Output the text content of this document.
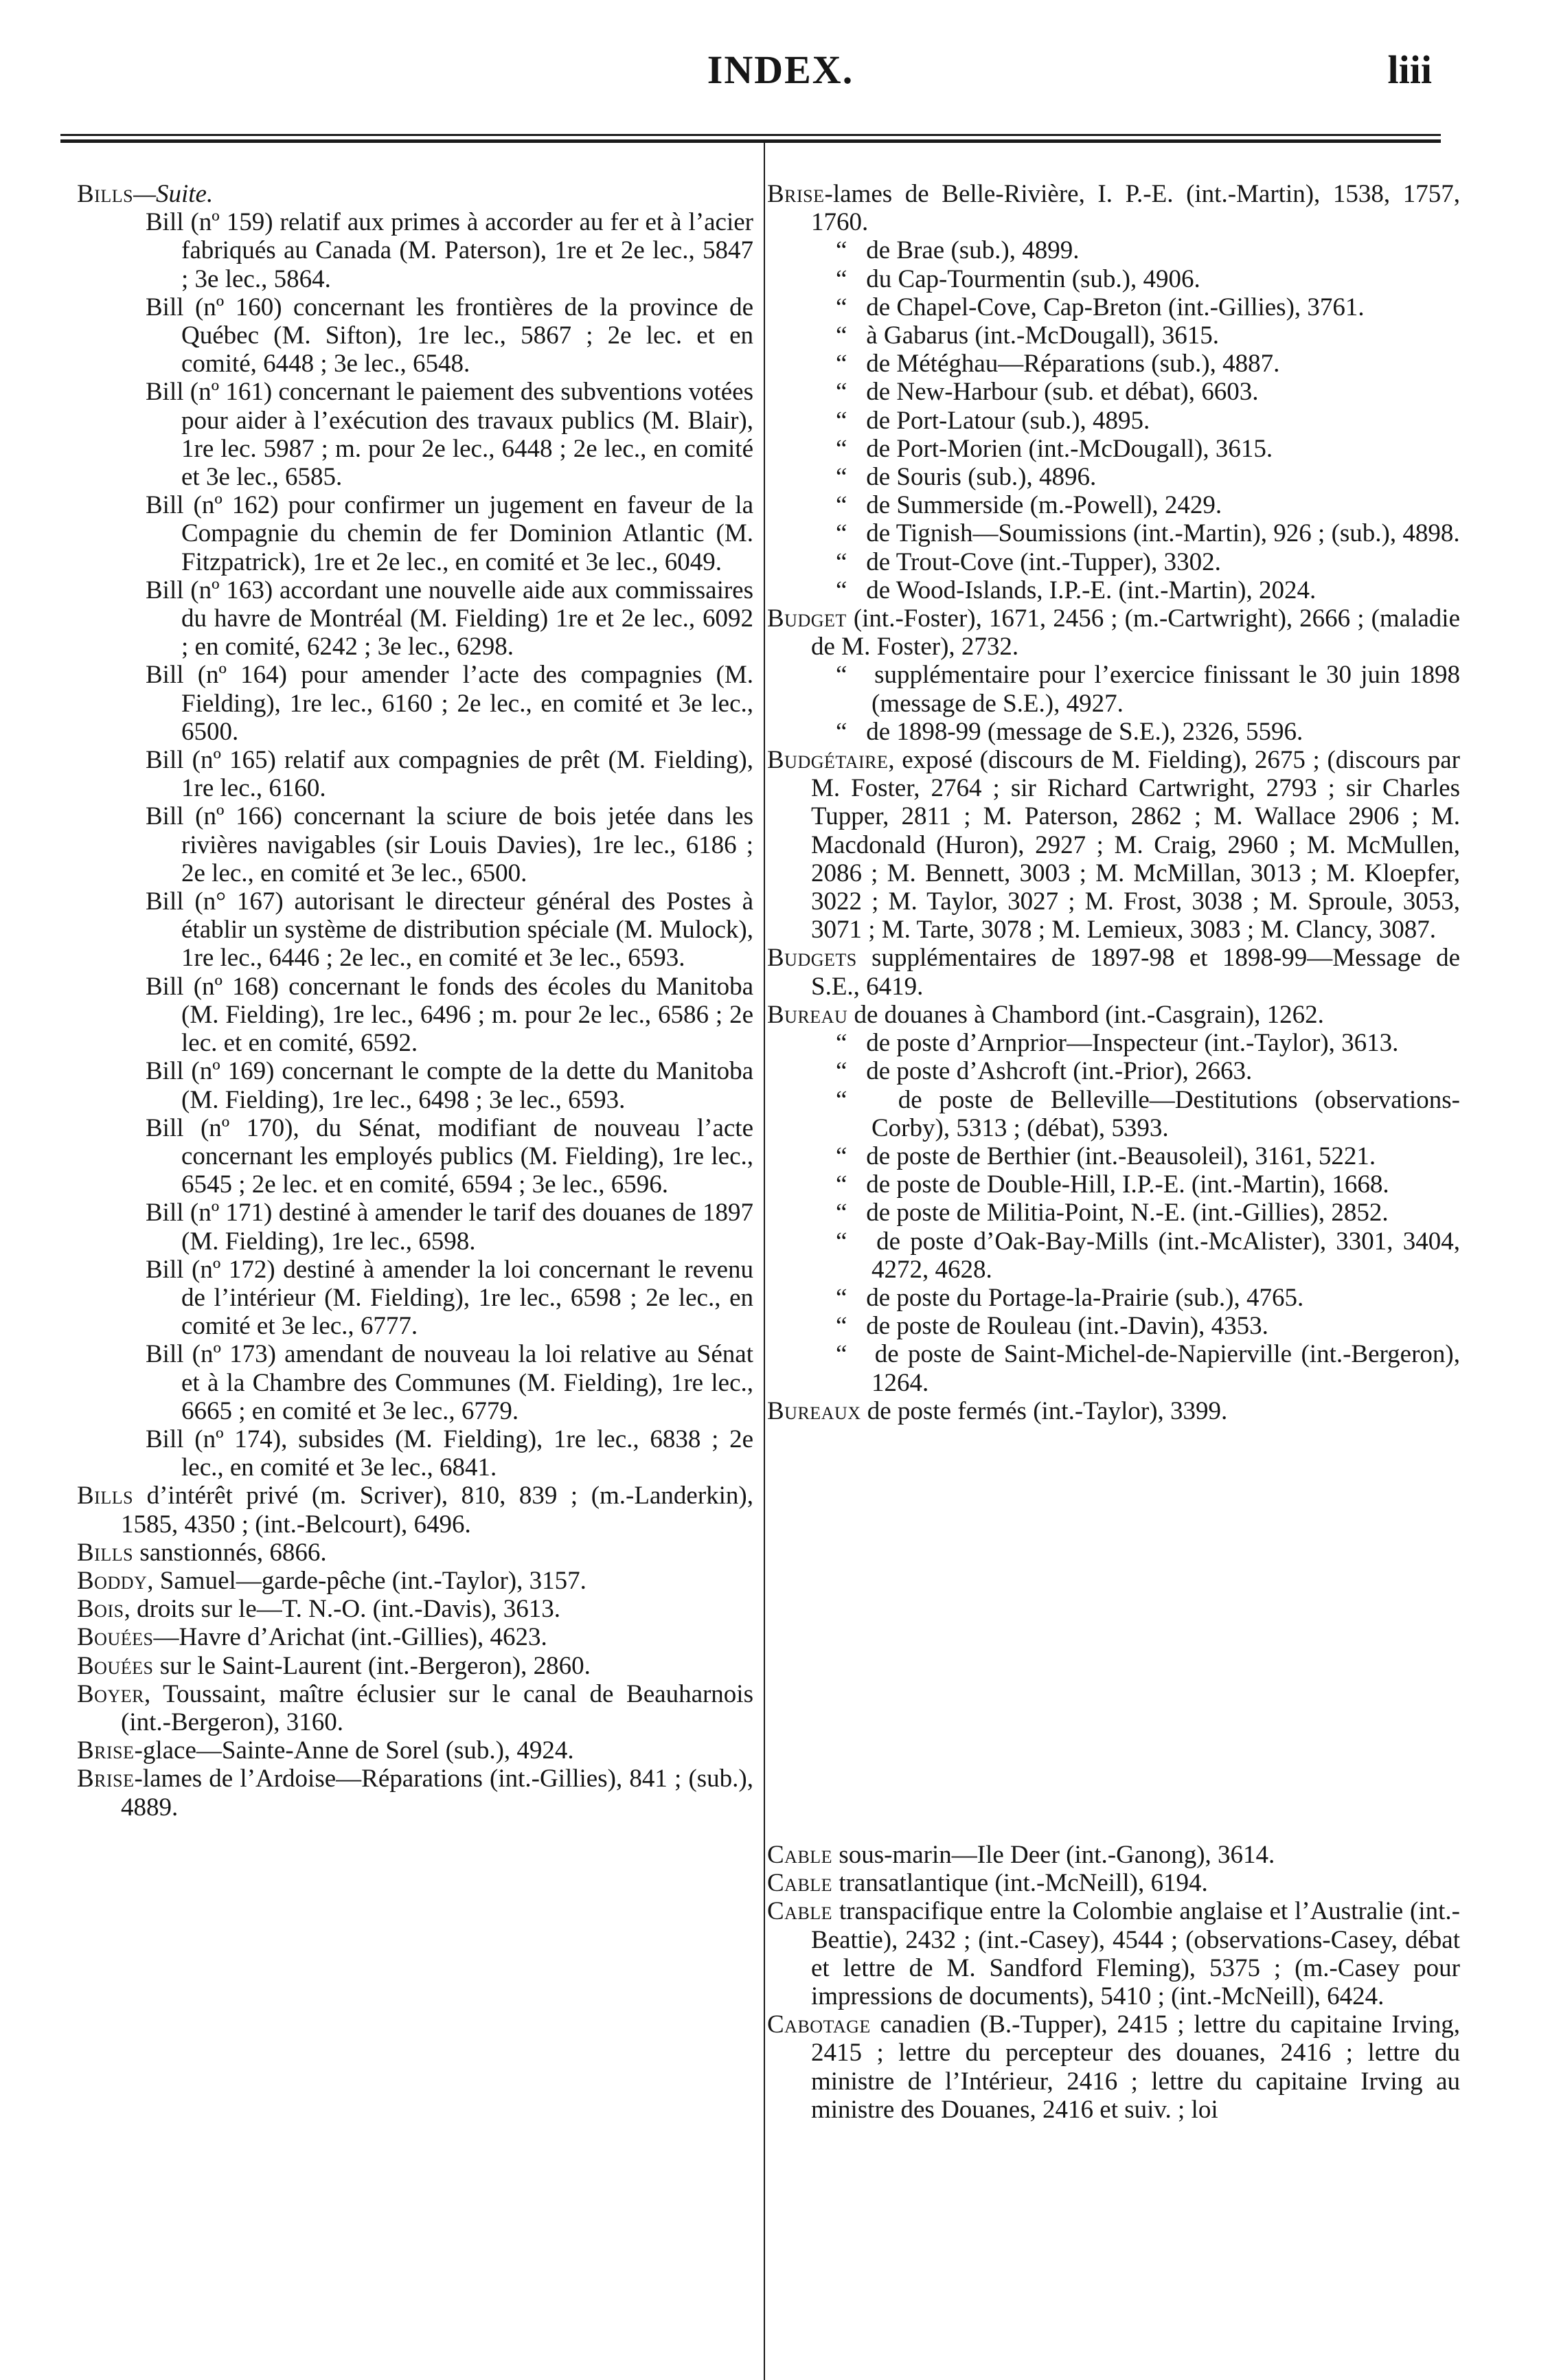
INDEX.	liii
Bills—Suite.
Bill (nº 159) relatif aux primes à accorder au fer et à l’acier fabriqués au Canada (M. Paterson), 1re et 2e lec., 5847 ; 3e lec., 5864.
Bill (nº 160) concernant les frontières de la province de Québec (M. Sifton), 1re lec., 5867 ; 2e lec. et en comité, 6448 ; 3e lec., 6548.
Bill (nº 161) concernant le paiement des subventions votées pour aider à l’exécution des travaux publics (M. Blair), 1re lec. 5987 ; m. pour 2e lec., 6448 ; 2e lec., en comité et 3e lec., 6585.
Bill (nº 162) pour confirmer un jugement en faveur de la Compagnie du chemin de fer Dominion Atlantic (M. Fitzpatrick), 1re et 2e lec., en comité et 3e lec., 6049.
Bill (nº 163) accordant une nouvelle aide aux commissaires du havre de Montréal (M. Fielding) 1re et 2e lec., 6092 ; en comité, 6242 ; 3e lec., 6298.
Bill (nº 164) pour amender l’acte des compagnies (M. Fielding), 1re lec., 6160 ; 2e lec., en comité et 3e lec., 6500.
Bill (nº 165) relatif aux compagnies de prêt (M. Fielding), 1re lec., 6160.
Bill (nº 166) concernant la sciure de bois jetée dans les rivières navigables (sir Louis Davies), 1re lec., 6186 ; 2e lec., en comité et 3e lec., 6500.
Bill (n° 167) autorisant le directeur général des Postes à établir un système de distribution spéciale (M. Mulock), 1re lec., 6446 ; 2e lec., en comité et 3e lec., 6593.
Bill (nº 168) concernant le fonds des écoles du Manitoba (M. Fielding), 1re lec., 6496 ; m. pour 2e lec., 6586 ; 2e lec. et en comité, 6592.
Bill (nº 169) concernant le compte de la dette du Manitoba (M. Fielding), 1re lec., 6498 ; 3e lec., 6593.
Bill (nº 170), du Sénat, modifiant de nouveau l’acte concernant les employés publics (M. Fielding), 1re lec., 6545 ; 2e lec. et en comité, 6594 ; 3e lec., 6596.
Bill (nº 171) destiné à amender le tarif des douanes de 1897 (M. Fielding), 1re lec., 6598.
Bill (nº 172) destiné à amender la loi concernant le revenu de l’intérieur (M. Fielding), 1re lec., 6598 ; 2e lec., en comité et 3e lec., 6777.
Bill (nº 173) amendant de nouveau la loi relative au Sénat et à la Chambre des Communes (M. Fielding), 1re lec., 6665 ; en comité et 3e lec., 6779.
Bill (nº 174), subsides (M. Fielding), 1re lec., 6838 ; 2e lec., en comité et 3e lec., 6841.
Bills d’intérêt privé (m. Scriver), 810, 839 ; (m.-Landerkin), 1585, 4350 ; (int.-Belcourt), 6496.
Bills sanstionnés, 6866.
Boddy, Samuel—garde-pêche (int.-Taylor), 3157.
Bois, droits sur le—T. N.-O. (int.-Davis), 3613.
Bouées—Havre d’Arichat (int.-Gillies), 4623.
Bouées sur le Saint-Laurent (int.-Bergeron), 2860.
Boyer, Toussaint, maître éclusier sur le canal de Beauharnois (int.-Bergeron), 3160.
Brise-glace—Sainte-Anne de Sorel (sub.), 4924.
Brise-lames de l’Ardoise—Réparations (int.-Gillies), 841 ; (sub.), 4889.
Brise-lames de Belle-Rivière, I. P.-E. (int.-Martin), 1538, 1757, 1760.
“ de Brae (sub.), 4899.
“ du Cap-Tourmentin (sub.), 4906.
“ de Chapel-Cove, Cap-Breton (int.-Gillies), 3761.
“ à Gabarus (int.-McDougall), 3615.
“ de Météghau—Réparations (sub.), 4887.
“ de New-Harbour (sub. et débat), 6603.
“ de Port-Latour (sub.), 4895.
“ de Port-Morien (int.-McDougall), 3615.
“ de Souris (sub.), 4896.
“ de Summerside (m.-Powell), 2429.
“ de Tignish—Soumissions (int.-Martin), 926 ; (sub.), 4898.
“ de Trout-Cove (int.-Tupper), 3302.
“ de Wood-Islands, I.P.-E. (int.-Martin), 2024.
Budget (int.-Foster), 1671, 2456 ; (m.-Cartwright), 2666 ; (maladie de M. Foster), 2732.
“ supplémentaire pour l’exercice finissant le 30 juin 1898 (message de S.E.), 4927.
“ de 1898-99 (message de S.E.), 2326, 5596.
Budgétaire, exposé (discours de M. Fielding), 2675 ; (discours par M. Foster, 2764 ; sir Richard Cartwright, 2793 ; sir Charles Tupper, 2811 ; M. Paterson, 2862 ; M. Wallace 2906 ; M. Macdonald (Huron), 2927 ; M. Craig, 2960 ; M. McMullen, 2086 ; M. Bennett, 3003 ; M. McMillan, 3013 ; M. Kloepfer, 3022 ; M. Taylor, 3027 ; M. Frost, 3038 ; M. Sproule, 3053, 3071 ; M. Tarte, 3078 ; M. Lemieux, 3083 ; M. Clancy, 3087.
Budgets supplémentaires de 1897-98 et 1898-99—Message de S.E., 6419.
Bureau de douanes à Chambord (int.-Casgrain), 1262.
“ de poste d’Arnprior—Inspecteur (int.-Taylor), 3613.
“ de poste d’Ashcroft (int.-Prior), 2663.
“ de poste de Belleville—Destitutions (observations-Corby), 5313 ; (débat), 5393.
“ de poste de Berthier (int.-Beausoleil), 3161, 5221.
“ de poste de Double-Hill, I.P.-E. (int.-Martin), 1668.
“ de poste de Militia-Point, N.-E. (int.-Gillies), 2852.
“ de poste d’Oak-Bay-Mills (int.-McAlister), 3301, 3404, 4272, 4628.
“ de poste du Portage-la-Prairie (sub.), 4765.
“ de poste de Rouleau (int.-Davin), 4353.
“ de poste de Saint-Michel-de-Napierville (int.-Bergeron), 1264.
Bureaux de poste fermés (int.-Taylor), 3399.
Cable sous-marin—Ile Deer (int.-Ganong), 3614.
Cable transatlantique (int.-McNeill), 6194.
Cable transpacifique entre la Colombie anglaise et l’Australie (int.-Beattie), 2432 ; (int.-Casey), 4544 ; (observations-Casey, débat et lettre de M. Sandford Fleming), 5375 ; (m.-Casey pour impressions de documents), 5410 ; (int.-McNeill), 6424.
Cabotage canadien (B.-Tupper), 2415 ; lettre du capitaine Irving, 2415 ; lettre du percepteur des douanes, 2416 ; lettre du ministre de l’Intérieur, 2416 ; lettre du capitaine Irving au ministre des Douanes, 2416 et suiv. ; loi
